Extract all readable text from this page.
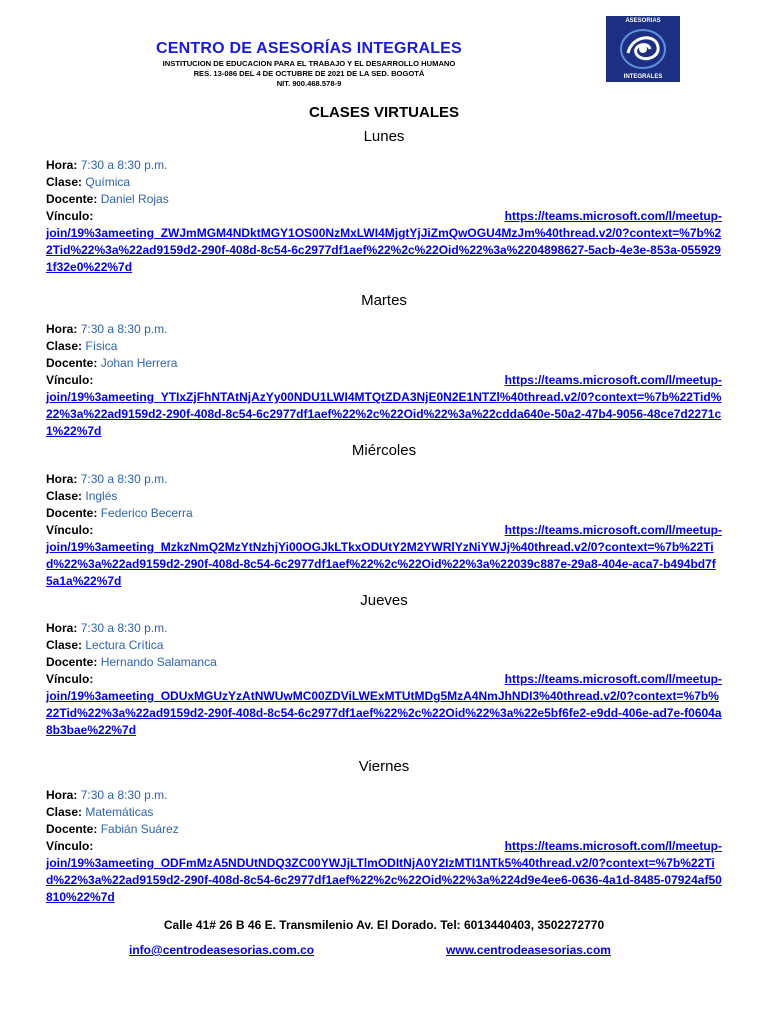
CENTRO DE ASESORÍAS INTEGRALES
INSTITUCION DE EDUCACION PARA EL TRABAJO Y EL DESARROLLO HUMANO
RES. 13-086 DEL 4 DE OCTUBRE DE 2021 DE LA SED. BOGOTÁ
NIT. 900.468.578-9
ASESORIAS
INTEGRALES
CLASES VIRTUALES
Lunes
Hora: 7:30 a 8:30 p.m.
Clase: Química
Docente: Daniel Rojas
Vínculo:	https://teams.microsoft.com/l/meetup-
join/19%3ameeting_ZWJmMGM4NDktMGY1OS00NzMxLWI4MjgtYjJiZmQwOGU4MzJm%40thread.v2/0?context=%7b%22Tid%22%3a%22ad9159d2-290f-408d-8c54-6c2977df1aef%22%2c%22Oid%22%3a%2204898627-5acb-4e3e-853a-0559291f32e0%22%7d
Martes
Hora: 7:30 a 8:30 p.m.
Clase: Física
Docente: Johan Herrera
Vínculo:	https://teams.microsoft.com/l/meetup-
join/19%3ameeting_YTIxZjFhNTAtNjAzYy00NDU1LWI4MTQtZDA3NjE0N2E1NTZl%40thread.v2/0?context=%7b%22Tid%22%3a%22ad9159d2-290f-408d-8c54-6c2977df1aef%22%2c%22Oid%22%3a%22cdda640e-50a2-47b4-9056-48ce7d2271c1%22%7d
Miércoles
Hora: 7:30 a 8:30 p.m.
Clase: Inglés
Docente: Federico Becerra
Vínculo:	https://teams.microsoft.com/l/meetup-
join/19%3ameeting_MzkzNmQ2MzYtNzhjYi00OGJkLTkxODUtY2M2YWRlYzNiYWJj%40thread.v2/0?context=%7b%22Tid%22%3a%22ad9159d2-290f-408d-8c54-6c2977df1aef%22%2c%22Oid%22%3a%22039c887e-29a8-404e-aca7-b494bd7f5a1a%22%7d
Jueves
Hora: 7:30 a 8:30 p.m.
Clase: Lectura Crítica
Docente: Hernando Salamanca
Vínculo:	https://teams.microsoft.com/l/meetup-
join/19%3ameeting_ODUxMGUzYzAtNWUwMC00ZDViLWExMTUtMDg5MzA4NmJhNDI3%40thread.v2/0?context=%7b%22Tid%22%3a%22ad9159d2-290f-408d-8c54-6c2977df1aef%22%2c%22Oid%22%3a%22e5bf6fe2-e9dd-406e-ad7e-f0604a8b3bae%22%7d
Viernes
Hora: 7:30 a 8:30 p.m.
Clase: Matemáticas
Docente: Fabián Suárez
Vínculo:	https://teams.microsoft.com/l/meetup-
join/19%3ameeting_ODFmMzA5NDUtNDQ3ZC00YWJjLTlmODItNjA0Y2IzMTI1NTk5%40thread.v2/0?context=%7b%22Tid%22%3a%22ad9159d2-290f-408d-8c54-6c2977df1aef%22%2c%22Oid%22%3a%224d9e4ee6-0636-4a1d-8485-07924af50810%22%7d
Calle 41# 26 B 46 E. Transmilenio Av. El Dorado. Tel: 6013440403, 3502272770
info@centrodeasesorias.com.co	www.centrodeasesorias.com
